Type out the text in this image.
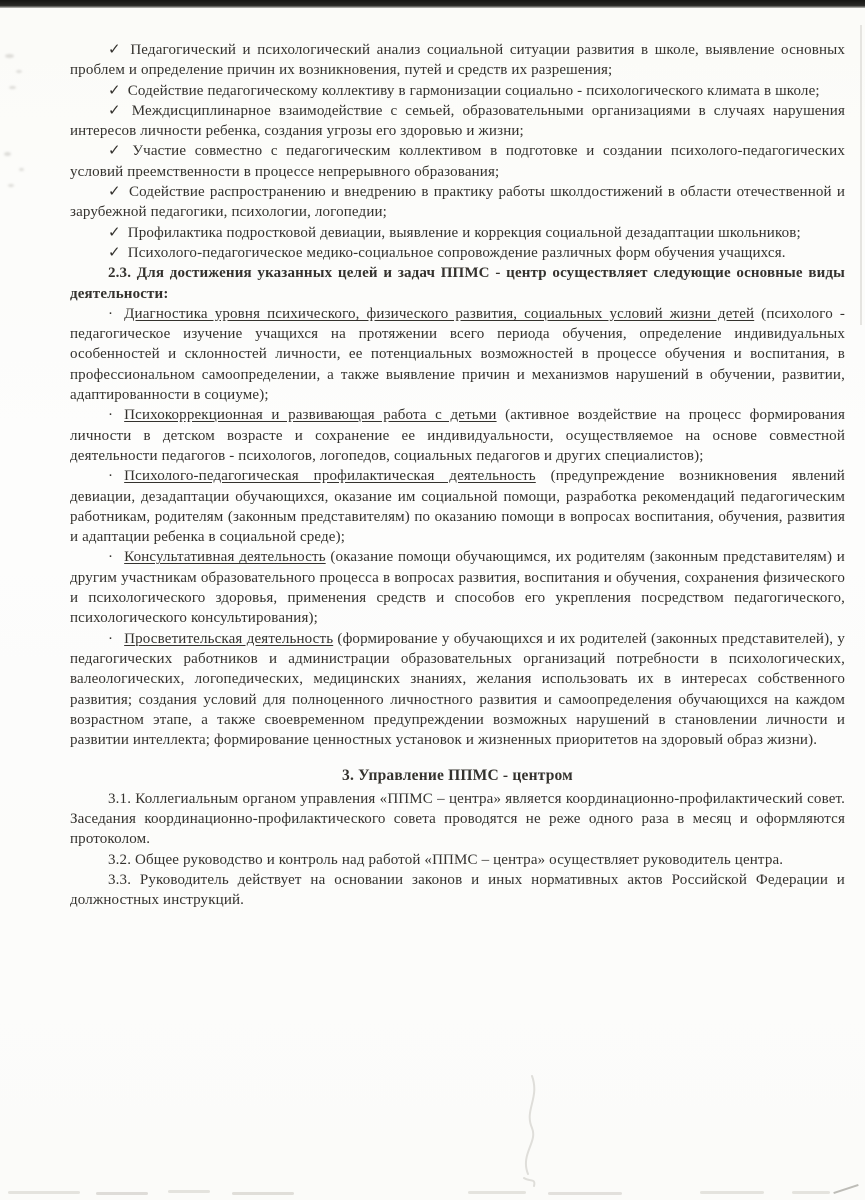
✓ Педагогический и психологический анализ социальной ситуации развития в школе, выявление основных проблем и определение причин их возникновения, путей и средств их разрешения;

✓ Содействие педагогическому коллективу в гармонизации социально - психологического климата в школе;

✓ Междисциплинарное взаимодействие с семьей, образовательными организациями в случаях нарушения интересов личности ребенка, создания угрозы его здоровью и жизни;

✓ Участие совместно с педагогическим коллективом в подготовке и создании психолого-педагогических условий преемственности в процессе непрерывного образования;

✓ Содействие распространению и внедрению в практику работы школдостижений в области отечественной и зарубежной педагогики, психологии, логопедии;

✓ Профилактика подростковой девиации, выявление и коррекция социальной дезадаптации школьников;

✓ Психолого-педагогическое медико-социальное сопровождение различных форм обучения учащихся.

2.3. Для достижения указанных целей и задач ППМС - центр осуществляет следующие основные виды деятельности:

· Диагностика уровня психического, физического развития, социальных условий жизни детей (психолого - педагогическое изучение учащихся на протяжении всего периода обучения, определение индивидуальных особенностей и склонностей личности, ее потенциальных возможностей в процессе обучения и воспитания, в профессиональном самоопределении, а также выявление причин и механизмов нарушений в обучении, развитии, адаптированности в социуме);

· Психокоррекционная и развивающая работа с детьми (активное воздействие на процесс формирования личности в детском возрасте и сохранение ее индивидуальности, осуществляемое на основе совместной деятельности педагогов - психологов, логопедов, социальных педагогов и других специалистов);

· Психолого-педагогическая профилактическая деятельность (предупреждение возникновения явлений девиации, дезадаптации обучающихся, оказание им социальной помощи, разработка рекомендаций педагогическим работникам, родителям (законным представителям) по оказанию помощи в вопросах воспитания, обучения, развития и адаптации ребенка в социальной среде);

· Консультативная деятельность (оказание помощи обучающимся, их родителям (законным представителям) и другим участникам образовательного процесса в вопросах развития, воспитания и обучения, сохранения физического и психологического здоровья, применения средств и способов его укрепления посредством педагогического, психологического консультирования);

· Просветительская деятельность (формирование у обучающихся и их родителей (законных представителей), у педагогических работников и администрации образовательных организаций потребности в психологических, валеологических, логопедических, медицинских знаниях, желания использовать их в интересах собственного развития; создания условий для полноценного личностного развития и самоопределения обучающихся на каждом возрастном этапе, а также своевременном предупреждении возможных нарушений в становлении личности и развитии интеллекта; формирование ценностных установок и жизненных приоритетов на здоровый образ жизни).

3. Управление ППМС - центром

3.1. Коллегиальным органом управления «ППМС – центра» является координационно-профилактический совет. Заседания координационно-профилактического совета проводятся не реже одного раза в месяц и оформляются протоколом.

3.2. Общее руководство и контроль над работой «ППМС – центра» осуществляет руководитель центра.

3.3. Руководитель действует на основании законов и иных нормативных актов Российской Федерации и должностных инструкций.
